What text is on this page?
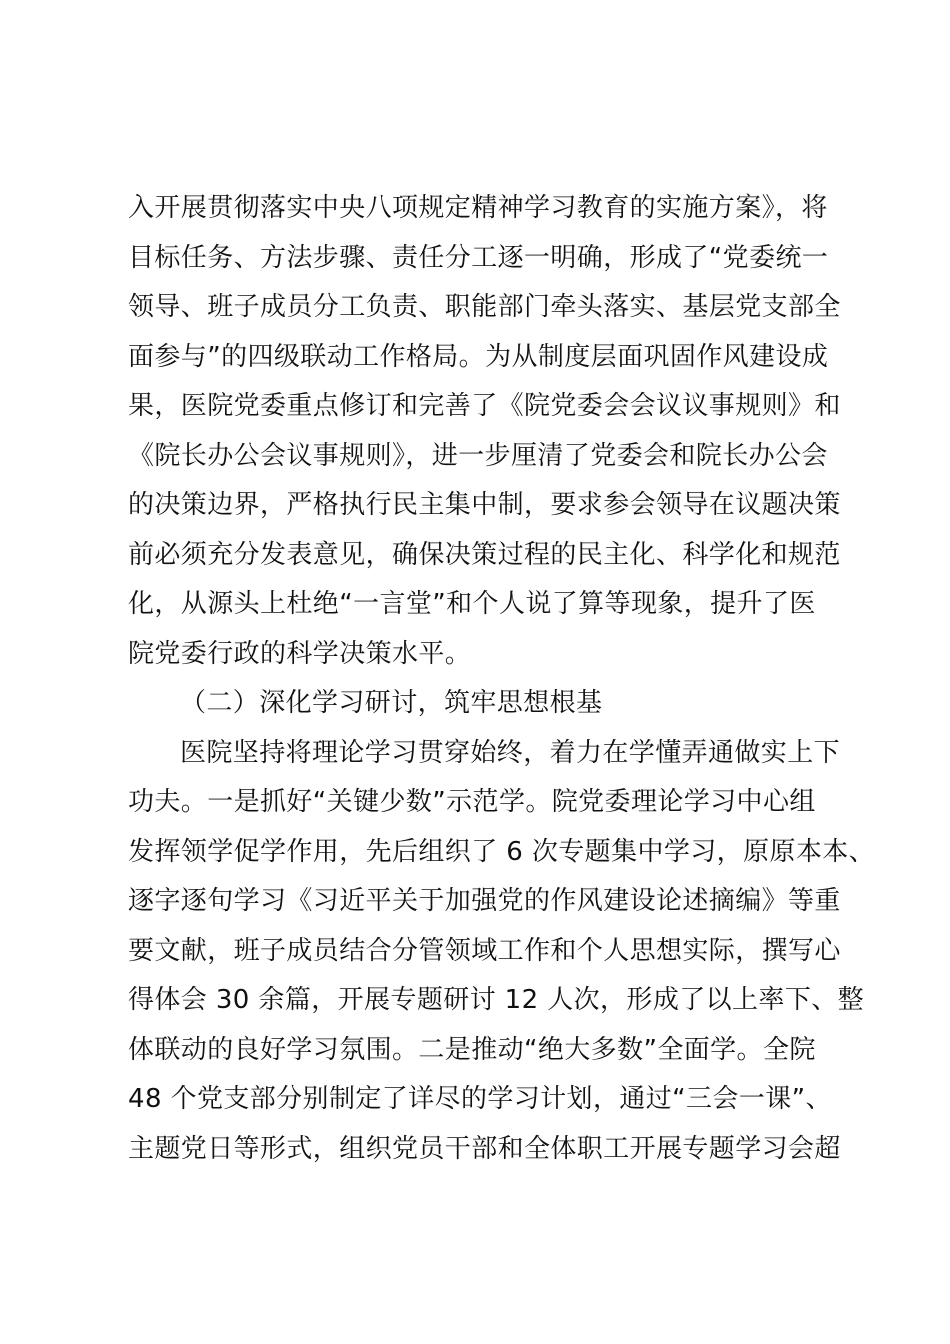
入开展贯彻落实中央八项规定精神学习教育的实施方案》，将
目标任务、方法步骤、责任分工逐一明确，形成了“党委统一
领导、班子成员分工负责、职能部门牵头落实、基层党支部全
面参与”的四级联动工作格局。为从制度层面巩固作风建设成
果，医院党委重点修订和完善了《院党委会会议议事规则》和
《院长办公会议事规则》，进一步厘清了党委会和院长办公会
的决策边界，严格执行民主集中制，要求参会领导在议题决策
前必须充分发表意见，确保决策过程的民主化、科学化和规范
化，从源头上杜绝“一言堂”和个人说了算等现象，提升了医
院党委行政的科学决策水平。
（二）深化学习研讨，筑牢思想根基
医院坚持将理论学习贯穿始终，着力在学懂弄通做实上下
功夫。一是抓好“关键少数”示范学。院党委理论学习中心组
发挥领学促学作用，先后组织了 6 次专题集中学习，原原本本、
逐字逐句学习《习近平关于加强党的作风建设论述摘编》等重
要文献，班子成员结合分管领域工作和个人思想实际，撰写心
得体会 30 余篇，开展专题研讨 12 人次，形成了以上率下、整
体联动的良好学习氛围。二是推动“绝大多数”全面学。全院
48 个党支部分别制定了详尽的学习计划，通过“三会一课”、
主题党日等形式，组织党员干部和全体职工开展专题学习会超
